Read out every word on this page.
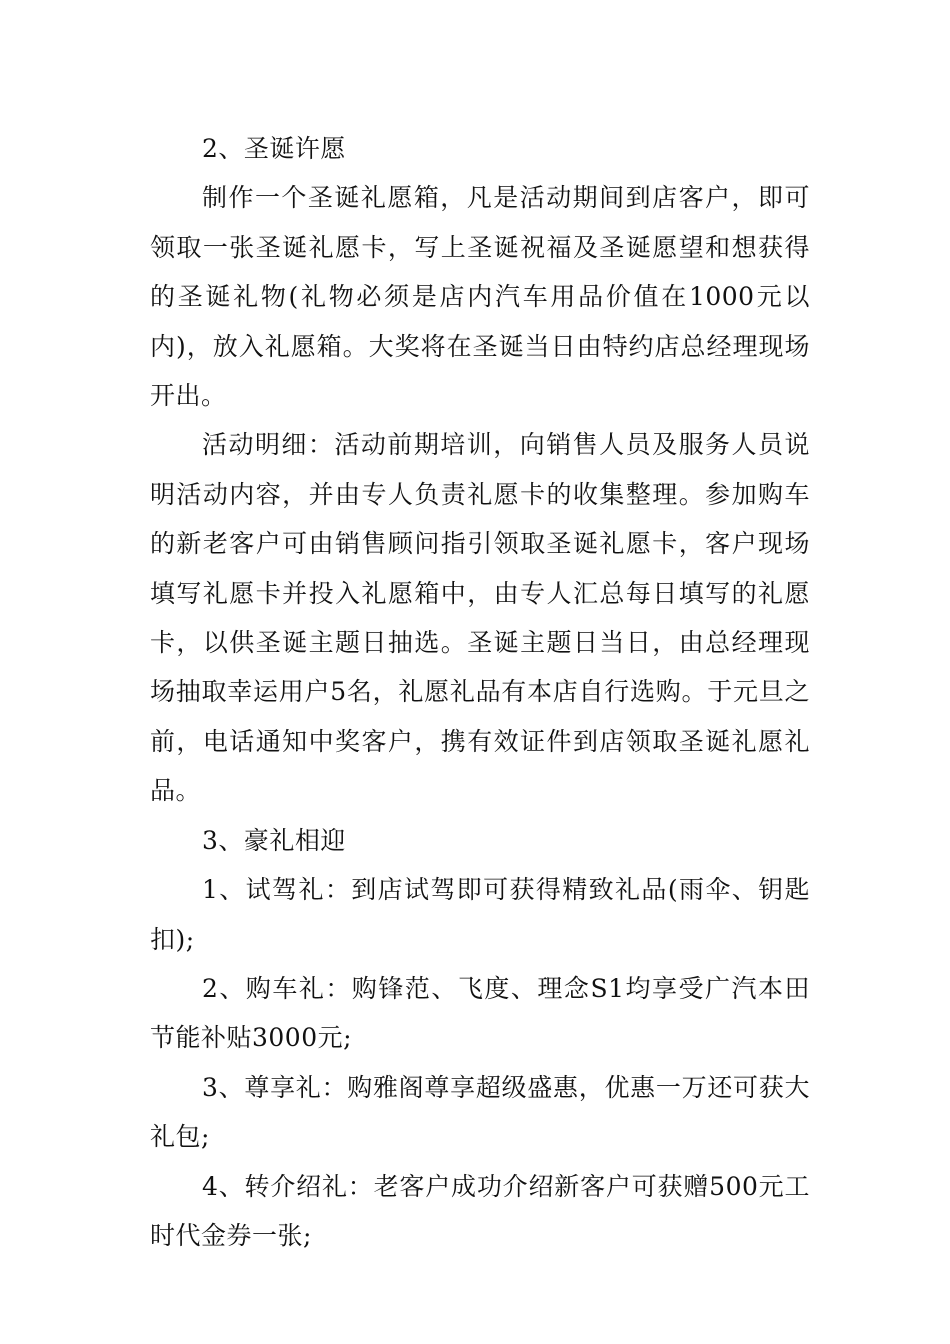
2、圣诞许愿

制作一个圣诞礼愿箱，凡是活动期间到店客户，即可领取一张圣诞礼愿卡，写上圣诞祝福及圣诞愿望和想获得的圣诞礼物(礼物必须是店内汽车用品价值在1000元以内)，放入礼愿箱。大奖将在圣诞当日由特约店总经理现场开出。

活动明细：活动前期培训，向销售人员及服务人员说明活动内容，并由专人负责礼愿卡的收集整理。参加购车的新老客户可由销售顾问指引领取圣诞礼愿卡，客户现场填写礼愿卡并投入礼愿箱中，由专人汇总每日填写的礼愿卡，以供圣诞主题日抽选。圣诞主题日当日，由总经理现场抽取幸运用户5名，礼愿礼品有本店自行选购。于元旦之前，电话通知中奖客户，携有效证件到店领取圣诞礼愿礼品。

3、豪礼相迎

1、试驾礼：到店试驾即可获得精致礼品(雨伞、钥匙扣);

2、购车礼：购锋范、飞度、理念S1均享受广汽本田节能补贴3000元;

3、尊享礼：购雅阁尊享超级盛惠，优惠一万还可获大礼包;

4、转介绍礼：老客户成功介绍新客户可获赠500元工时代金券一张;
